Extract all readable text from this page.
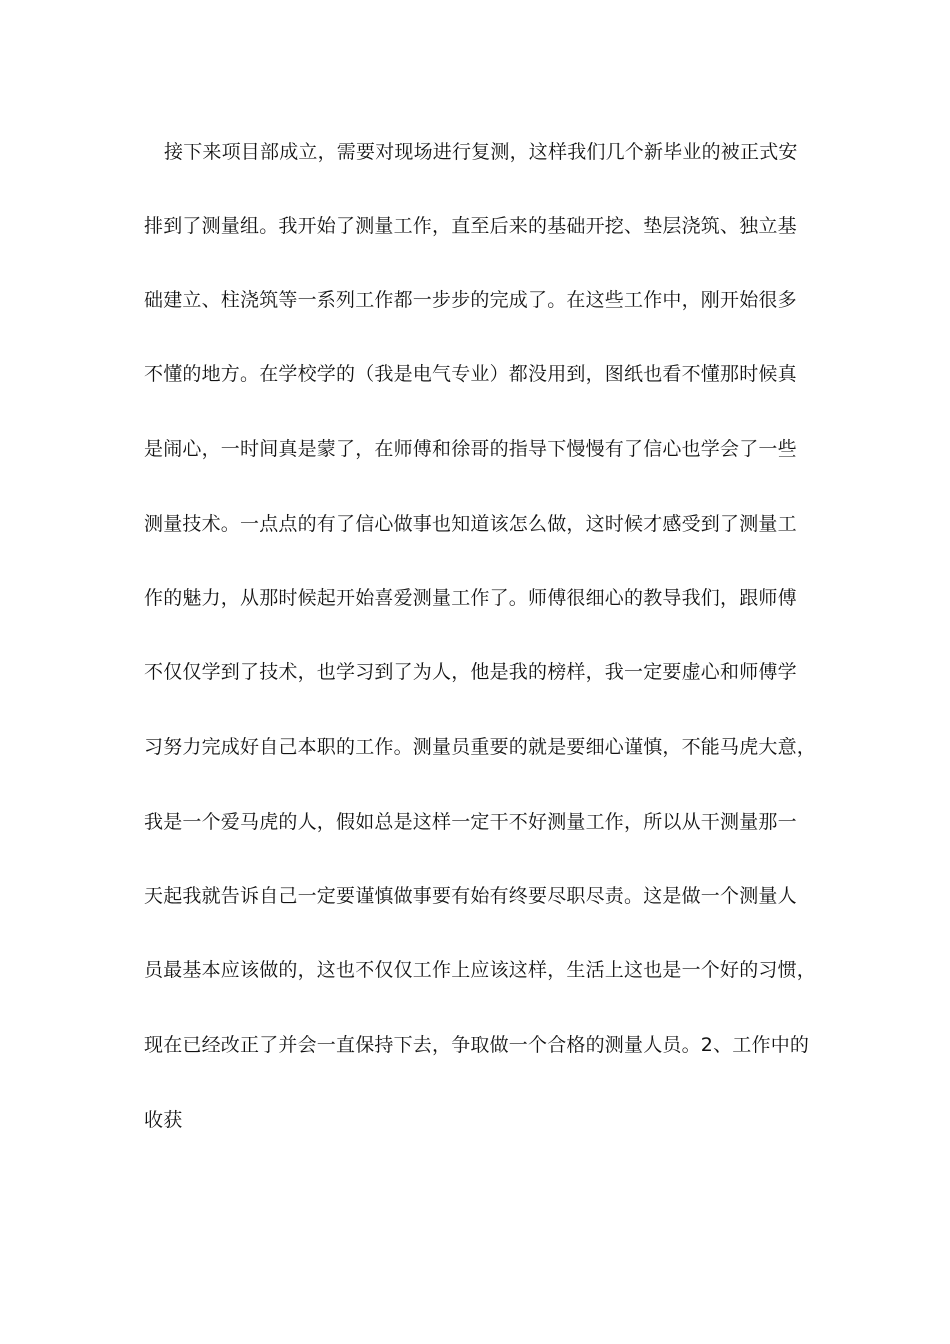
接下来项目部成立，需要对现场进行复测，这样我们几个新毕业的被正式安
排到了测量组。我开始了测量工作，直至后来的基础开挖、垫层浇筑、独立基
础建立、柱浇筑等一系列工作都一步步的完成了。在这些工作中，刚开始很多
不懂的地方。在学校学的（我是电气专业）都没用到，图纸也看不懂那时候真
是闹心，一时间真是蒙了，在师傅和徐哥的指导下慢慢有了信心也学会了一些
测量技术。一点点的有了信心做事也知道该怎么做，这时候才感受到了测量工
作的魅力，从那时候起开始喜爱测量工作了。师傅很细心的教导我们，跟师傅
不仅仅学到了技术，也学习到了为人，他是我的榜样，我一定要虚心和师傅学
习努力完成好自己本职的工作。测量员重要的就是要细心谨慎，不能马虎大意，
我是一个爱马虎的人，假如总是这样一定干不好测量工作，所以从干测量那一
天起我就告诉自己一定要谨慎做事要有始有终要尽职尽责。这是做一个测量人
员最基本应该做的，这也不仅仅工作上应该这样，生活上这也是一个好的习惯，
现在已经改正了并会一直保持下去，争取做一个合格的测量人员。2、工作中的
收获
